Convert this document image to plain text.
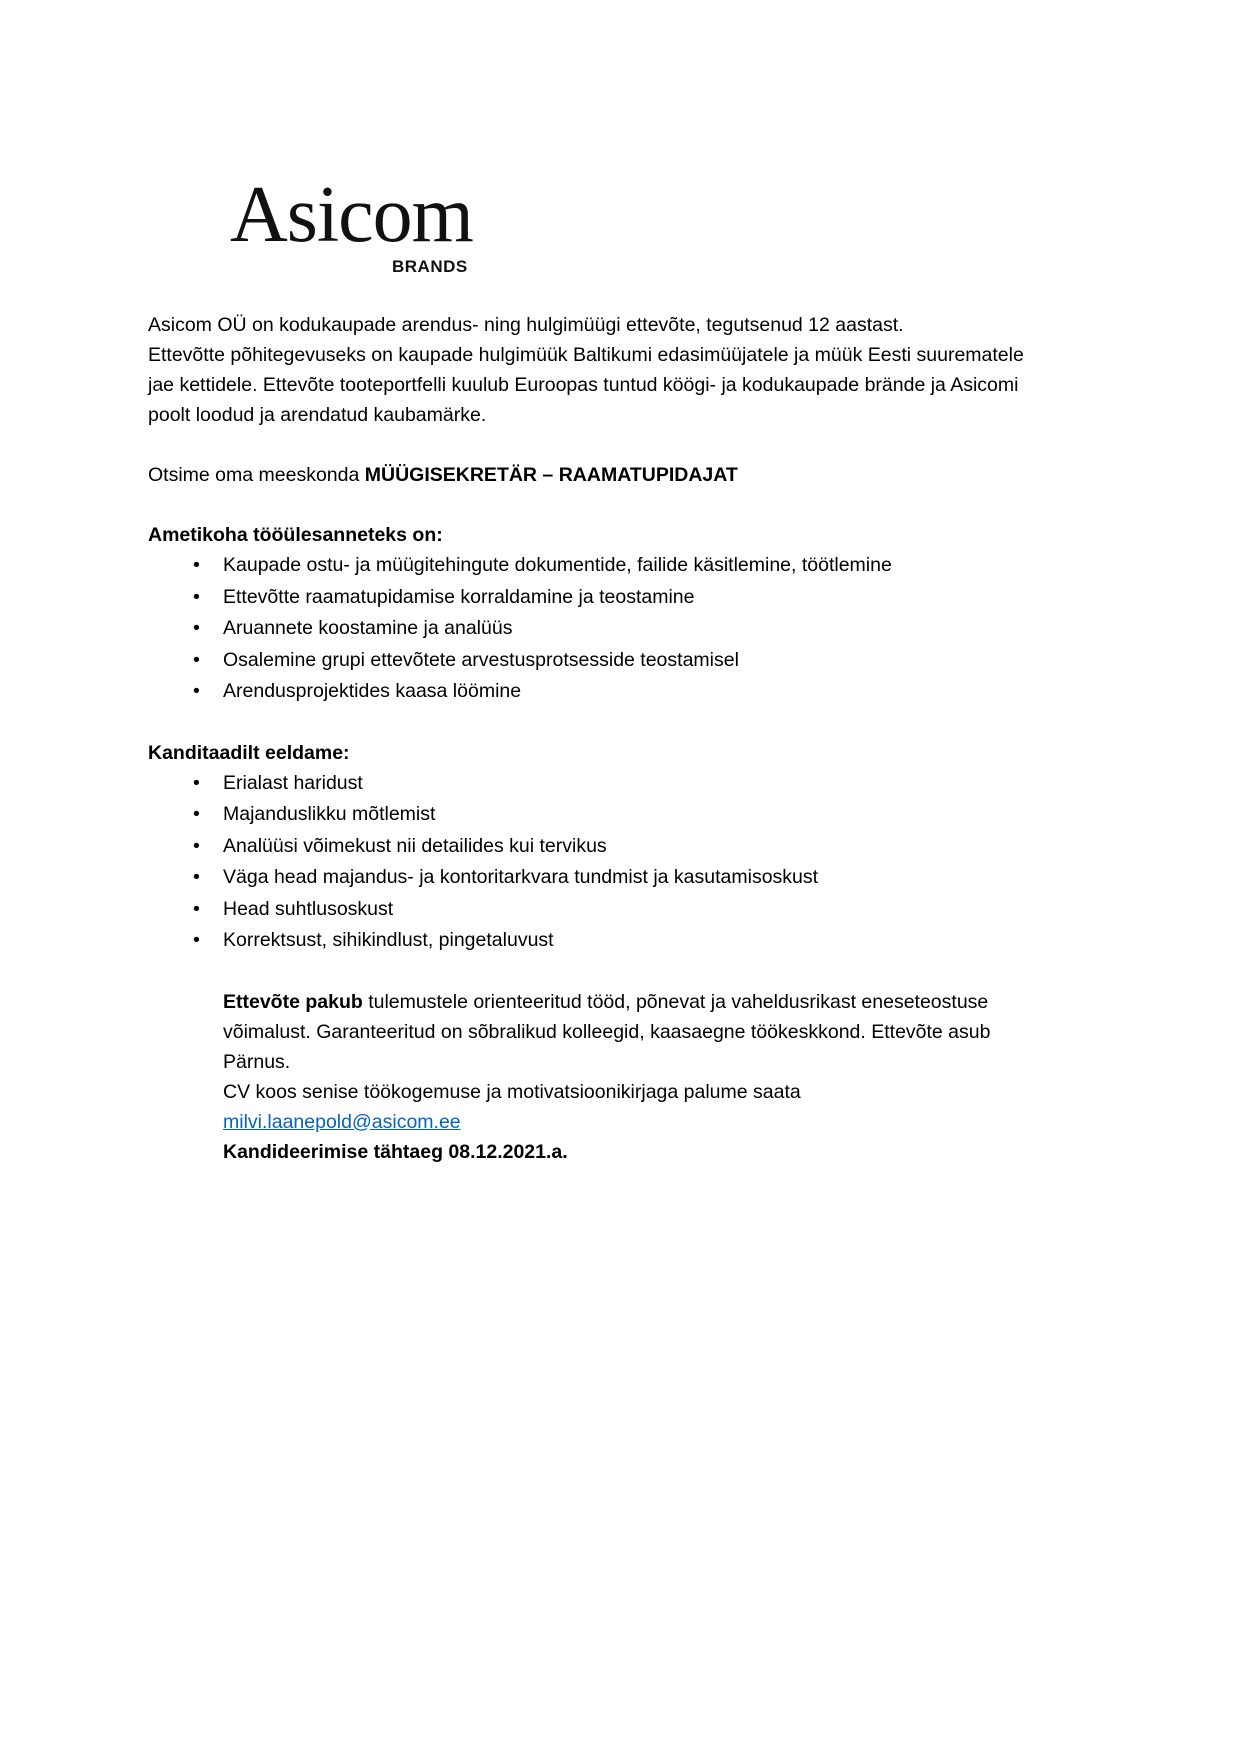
Asicom
BRANDS

Asicom OÜ on kodukaupade arendus- ning hulgimüügi ettevõte, tegutsenud 12 aastast.
Ettevõtte põhitegevuseks on kaupade hulgimüük Baltikumi edasimüüjatele ja müük Eesti suurematele
jae kettidele. Ettevõte tooteportfelli kuulub Euroopas tuntud köögi- ja kodukaupade brände ja Asicomi
poolt loodud ja arendatud kaubamärke.

Otsime oma meeskonda MÜÜGISEKRETÄR – RAAMATUPIDAJAT

Ametikoha tööülesanneteks on:

• Kaupade ostu- ja müügitehingute dokumentide, failide käsitlemine, töötlemine
• Ettevõtte raamatupidamise korraldamine ja teostamine
• Aruannete koostamine ja analüüs
• Osalemine grupi ettevõtete arvestusprotsesside teostamisel
• Arendusprojektides kaasa löömine

Kanditaadilt eeldame:

• Erialast haridust
• Majanduslikku mõtlemist
• Analüüsi võimekust nii detailides kui tervikus
• Väga head majandus- ja kontoritarkvara tundmist ja kasutamisoskust
• Head suhtlusoskust
• Korrektsust, sihikindlust, pingetaluvust

Ettevõte pakub tulemustele orienteeritud tööd, põnevat ja vaheldusrikast eneseteostuse

võimalust. Garanteeritud on sõbralikud kolleegid, kaasaegne töökeskkond. Ettevõte asub

Pärnus.

CV koos senise töökogemuse ja motivatsioonikirjaga palume saata

milvi.laanepold@asicom.ee

Kandideerimise tähtaeg 08.12.2021.a.
